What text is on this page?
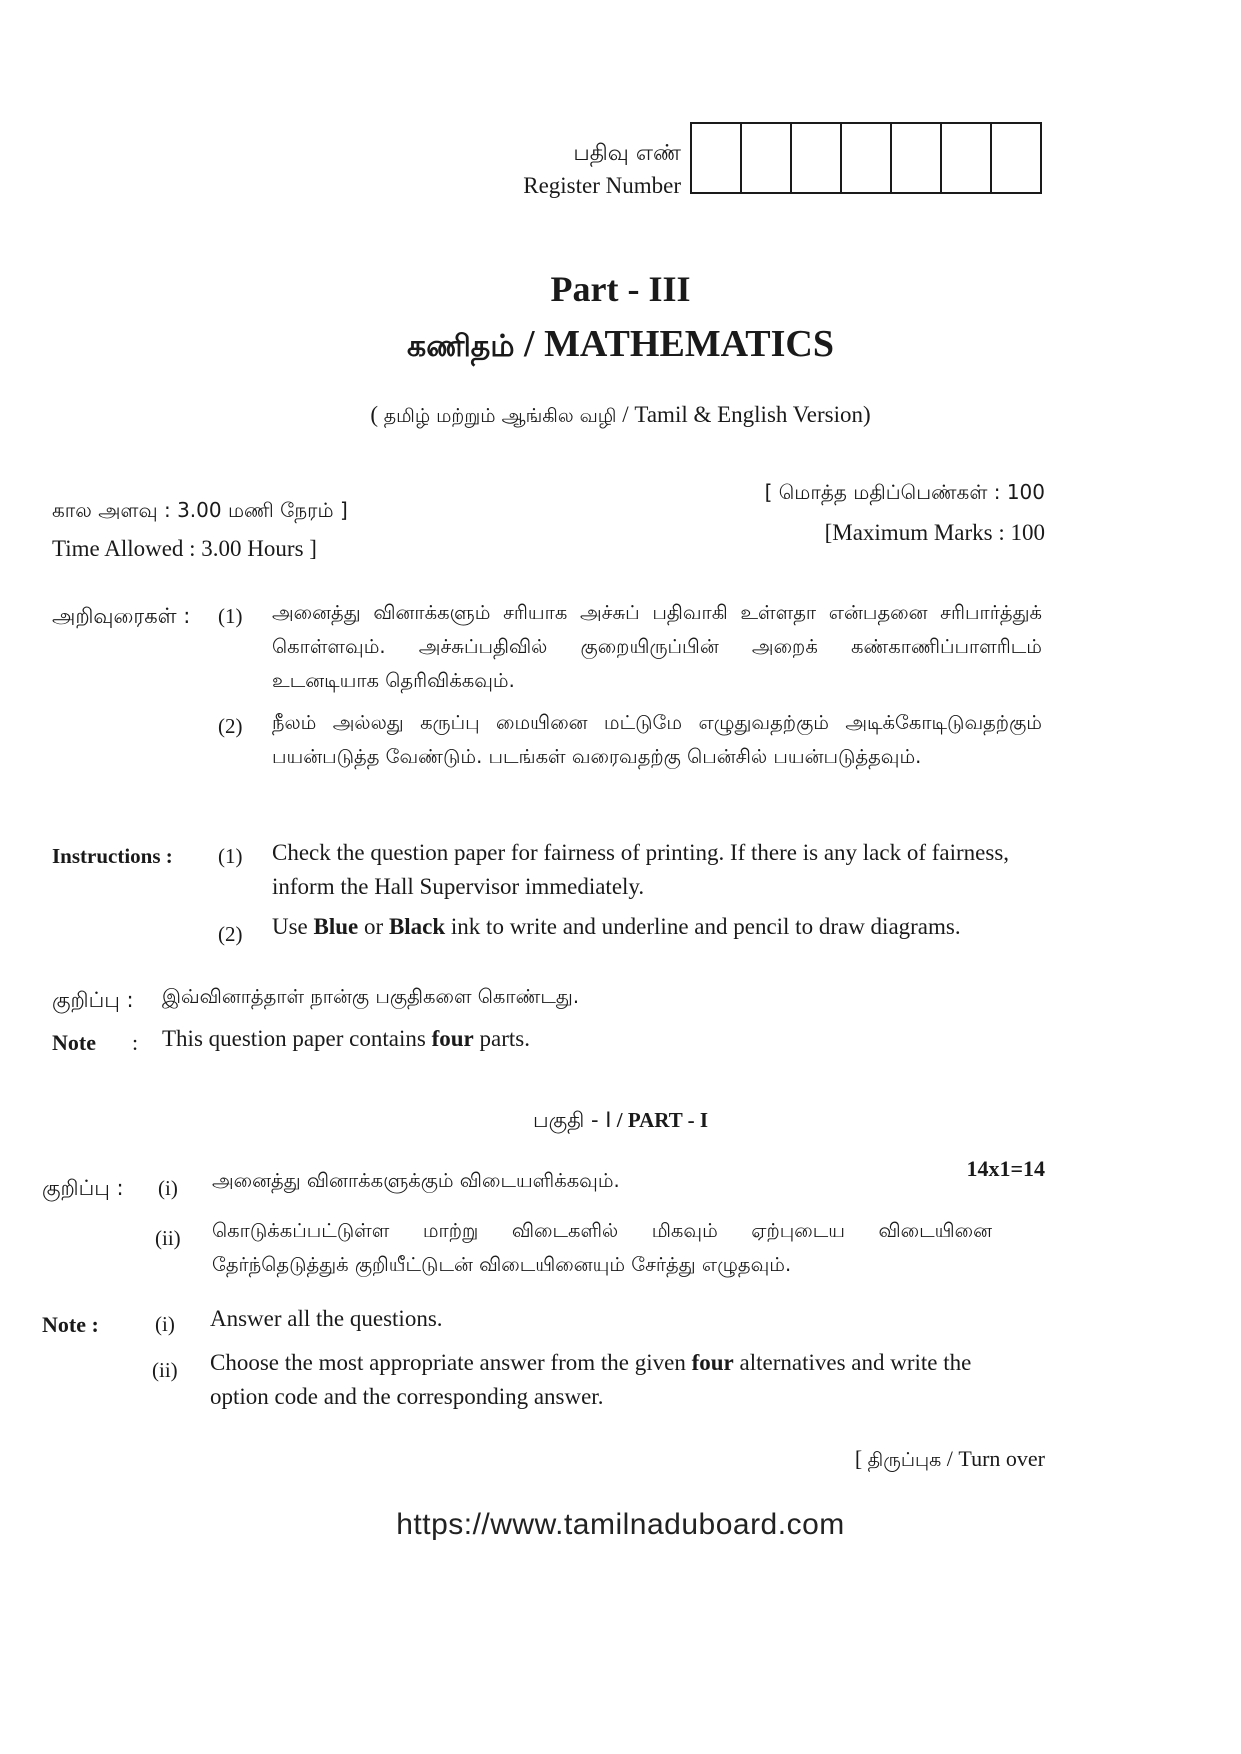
பதிவு எண்
Register Number
Part - III
கணிதம் / MATHEMATICS
( தமிழ் மற்றும் ஆங்கில வழி / Tamil & English Version)
கால அளவு : 3.00 மணி நேரம் ]
Time Allowed : 3.00 Hours ]
[ மொத்த மதிப்பெண்கள் : 100
[Maximum Marks : 100
அறிவுரைகள் : (1) அனைத்து வினாக்களும் சரியாக அச்சுப் பதிவாகி உள்ளதா என்பதனை சரிபார்த்துக் கொள்ளவும். அச்சுப்பதிவில் குறையிருப்பின் அறைக் கண்காணிப்பாளரிடம் உடனடியாக தெரிவிக்கவும்.
(2) நீலம் அல்லது கருப்பு மையினை மட்டுமே எழுதுவதற்கும் அடிக்கோடிடுவதற்கும் பயன்படுத்த வேண்டும். படங்கள் வரைவதற்கு பென்சில் பயன்படுத்தவும்.
Instructions : (1) Check the question paper for fairness of printing. If there is any lack of fairness, inform the Hall Supervisor immediately.
(2) Use Blue or Black ink to write and underline and pencil to draw diagrams.
குறிப்பு : இவ்வினாத்தாள் நான்கு பகுதிகளை கொண்டது.
Note : This question paper contains four parts.
பகுதி - I / PART - I
14x1=14
குறிப்பு : (i) அனைத்து வினாக்களுக்கும் விடையளிக்கவும்.
(ii) கொடுக்கப்பட்டுள்ள மாற்று விடைகளில் மிகவும் ஏற்புடைய விடையினை தேர்ந்தெடுத்துக் குறியீட்டுடன் விடையினையும் சேர்த்து எழுதவும்.
Note :	(i) Answer all the questions.
(ii) Choose the most appropriate answer from the given four alternatives and write the option code and the corresponding answer.
[ திருப்புக / Turn over
https://www.tamilnaduboard.com
